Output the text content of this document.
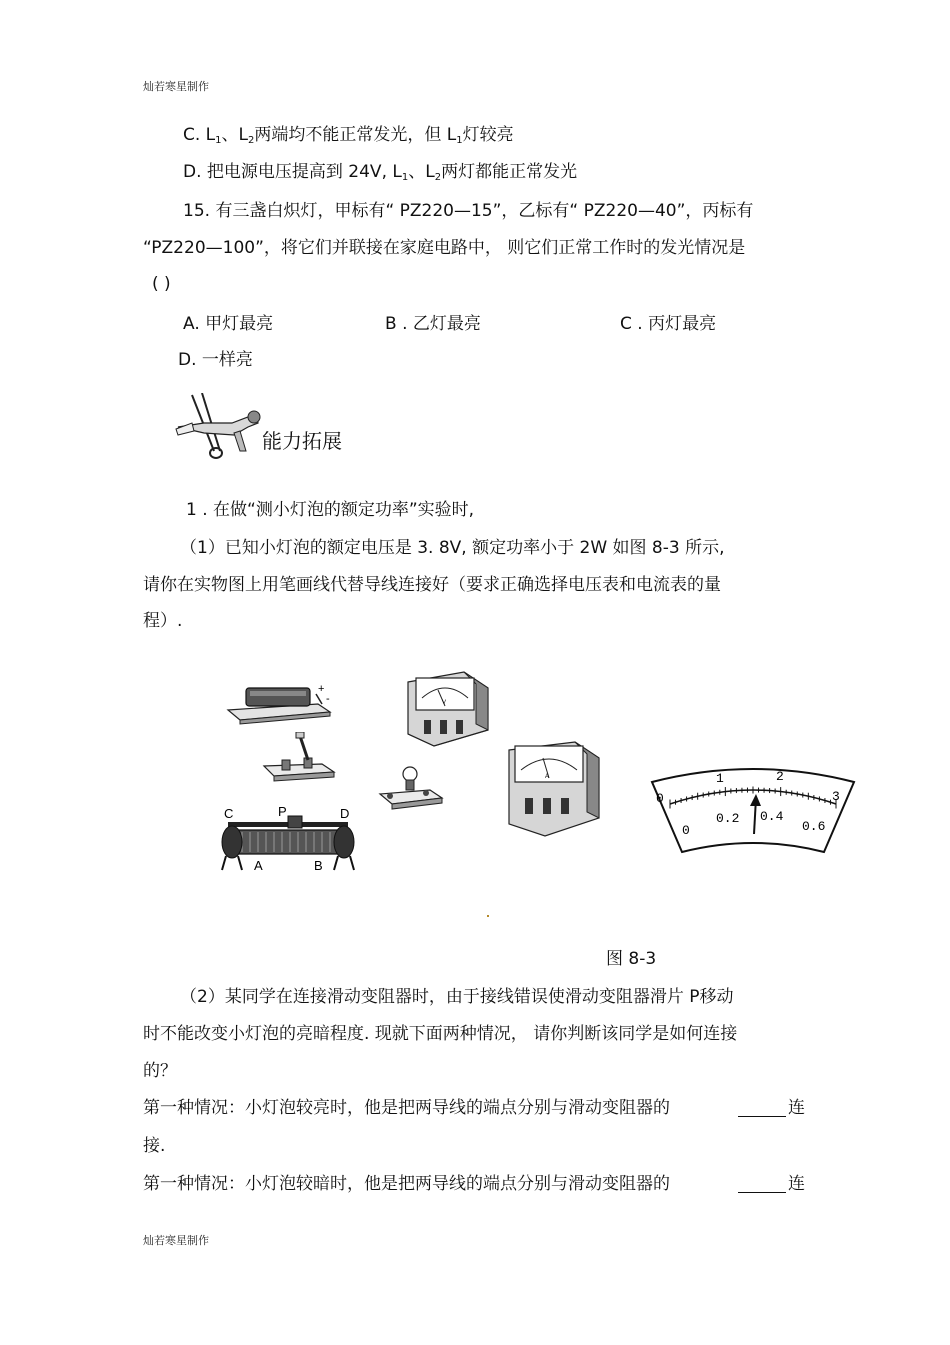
灿若寒星制作
C. $L_1$、$L_2$两端均不能正常发光，但 $L_1$灯较亮
D. 把电源电压提高到 24V, $L_1$、$L_2$两灯都能正常发光
15. 有三盏白炽灯，甲标有“ PZ220—15”，乙标有“ PZ220—40”，丙标有
“PZ220—100”，将它们并联接在家庭电路中， 则它们正常工作时的发光情况是
( )
A. 甲灯最亮	B . 乙灯最亮	C . 丙灯最亮
D. 一样亮
能力拓展
1 . 在做“测小灯泡的额定功率”实验时,
（1）已知小灯泡的额定电压是 3. 8V, 额定功率小于 2W 如图 8-3 所示,
请你在实物图上用笔画线代替导线连接好（要求正确选择电压表和电流表的量
程）.
+
-
C	P	D
A	B
V
A
0
1	2
3
0
0.2 0.4
0.6
图 8-3
（2）某同学在连接滑动变阻器时，由于接线错误使滑动变阻器滑片 P移动
时不能改变小灯泡的亮暗程度. 现就下面两种情况， 请你判断该同学是如何连接
的？
第一种情况：小灯泡较亮时，他是把两导线的端点分别与滑动变阻器的	连
接.
第一种情况：小灯泡较暗时，他是把两导线的端点分别与滑动变阻器的	连
灿若寒星制作
